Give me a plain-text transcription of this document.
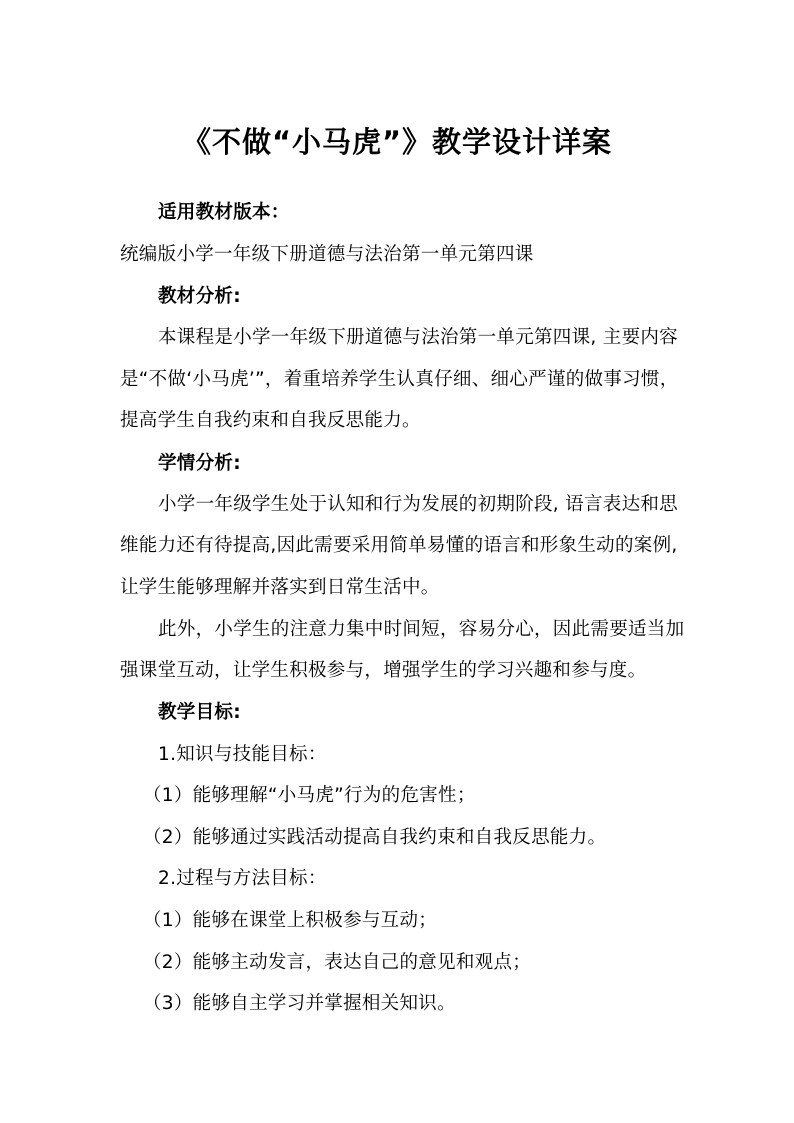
《不做“小马虎”》教学设计详案
适用教材版本：
统编版小学一年级下册道德与法治第一单元第四课
教材分析:
本课程是小学一年级下册道德与法治第一单元第四课, 主要内容
是“不做‘小马虎’”，着重培养学生认真仔细、细心严谨的做事习惯，
提高学生自我约束和自我反思能力。
学情分析:
小学一年级学生处于认知和行为发展的初期阶段, 语言表达和思
维能力还有待提高,因此需要采用简单易懂的语言和形象生动的案例,
让学生能够理解并落实到日常生活中。
此外，小学生的注意力集中时间短，容易分心，因此需要适当加
强课堂互动，让学生积极参与，增强学生的学习兴趣和参与度。
教学目标:
1.知识与技能目标：
（1）能够理解“小马虎”行为的危害性；
（2）能够通过实践活动提高自我约束和自我反思能力。
2.过程与方法目标：
（1）能够在课堂上积极参与互动；
（2）能够主动发言，表达自己的意见和观点；
（3）能够自主学习并掌握相关知识。
